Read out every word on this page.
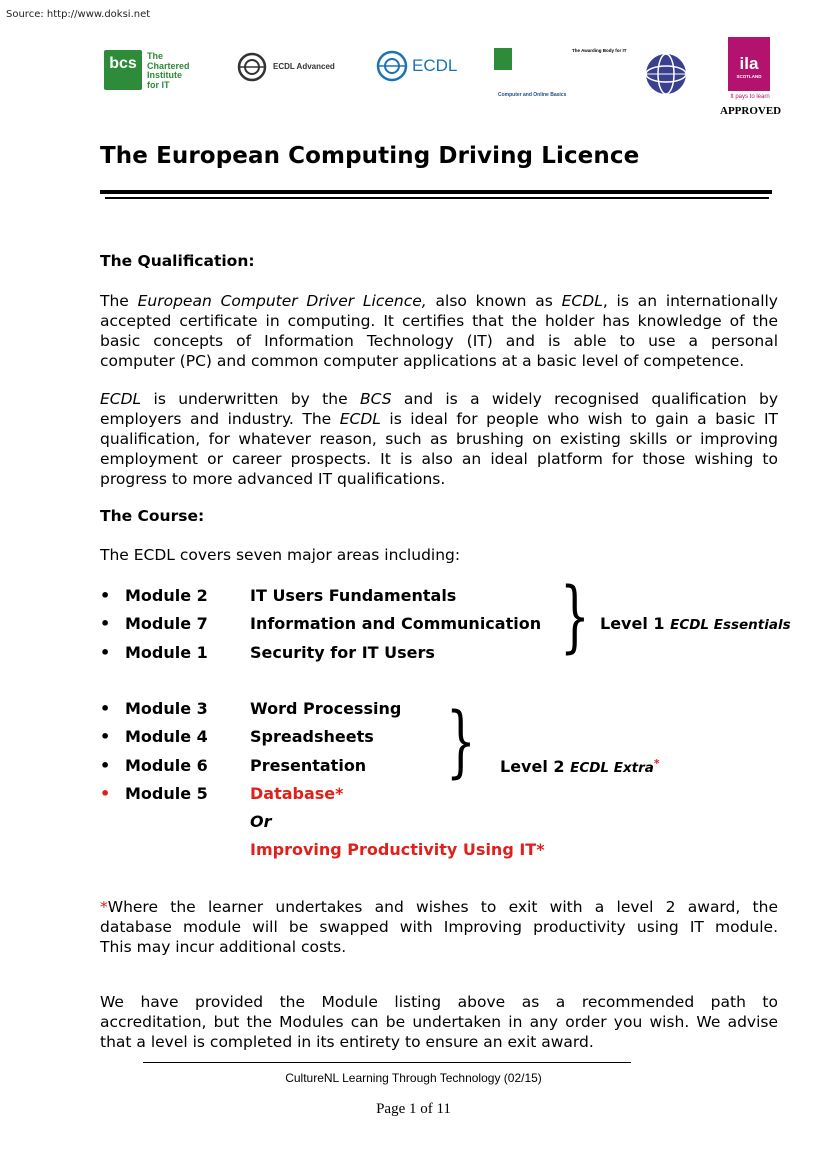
Source: http://www.doksi.net
bcs	The
Chartered
Institute
for IT
ECDL Advanced	ECDL
The Awarding Body for IT
Computer and Online Basics
ila
SCOTLAND
It pays to learn
APPROVED
The European Computing Driving Licence
The Qualification:
The European Computer Driver Licence, also known as ECDL, is an internationally
accepted certificate in computing. It certifies that the holder has knowledge of the
basic concepts of Information Technology (IT) and is able to use a personal
computer (PC) and common computer applications at a basic level of competence.
ECDL is underwritten by the BCS and is a widely recognised qualification by
employers and industry. The ECDL is ideal for people who wish to gain a basic IT
qualification, for whatever reason, such as brushing on existing skills or improving
employment or career prospects. It is also an ideal platform for those wishing to
progress to more advanced IT qualifications.
The Course:
The ECDL covers seven major areas including:
• Module 2	IT Users Fundamentals
• Module 7	Information and Communication
• Module 1	Security for IT Users } Level 1 ECDL Essentials
• Module 3	Word Processing
• Module 4	Spreadsheets
• Module 6	Presentation
• Module 5	Database*
Or
Improving Productivity Using IT*
} Level 2 ECDL Extra*
*Where the learner undertakes and wishes to exit with a level 2 award, the
database module will be swapped with Improving productivity using IT module.
This may incur additional costs.
We have provided the Module listing above as a recommended path to
accreditation, but the Modules can be undertaken in any order you wish. We advise
that a level is completed in its entirety to ensure an exit award.
CultureNL Learning Through Technology (02/15)
Page 1 of 11
